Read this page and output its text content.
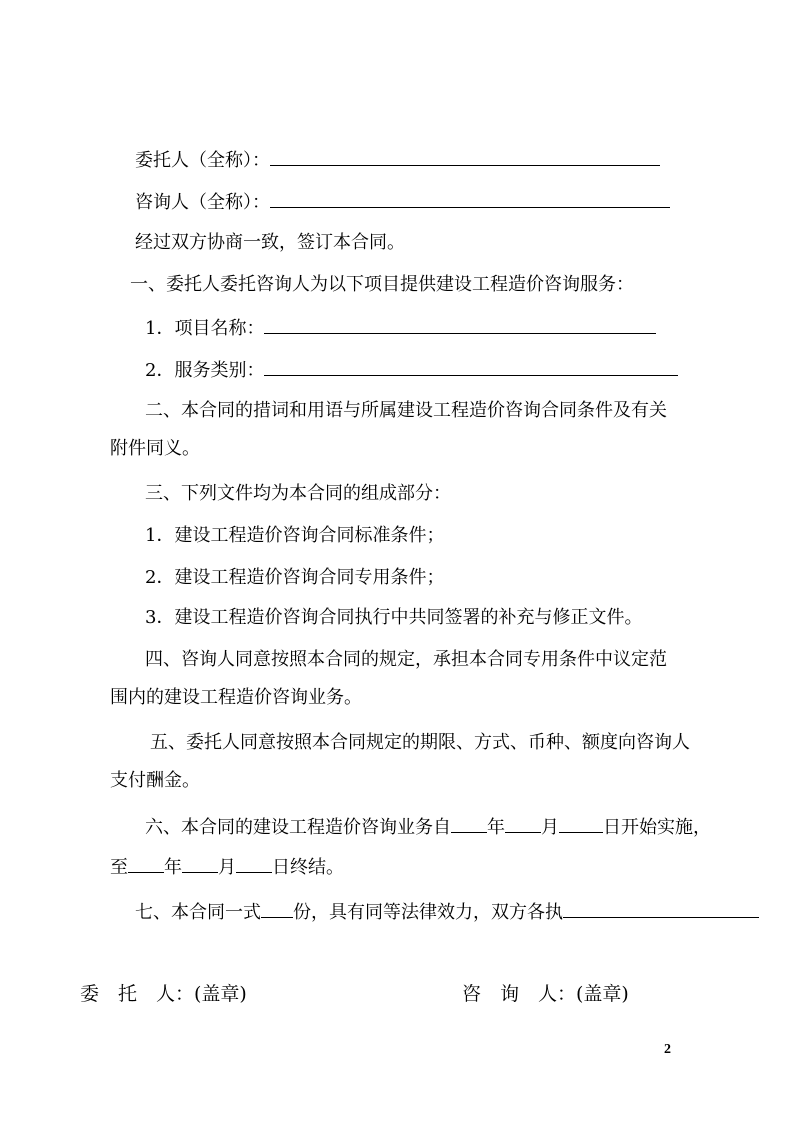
委托人（全称）：
咨询人（全称）：
经过双方协商一致，签订本合同。
一、委托人委托咨询人为以下项目提供建设工程造价咨询服务：
1．项目名称：
2．服务类别：
二、本合同的措词和用语与所属建设工程造价咨询合同条件及有关
附件同义。
三、下列文件均为本合同的组成部分：
1．建设工程造价咨询合同标准条件；
2．建设工程造价咨询合同专用条件；
3．建设工程造价咨询合同执行中共同签署的补充与修正文件。
四、咨询人同意按照本合同的规定，承担本合同专用条件中议定范
围内的建设工程造价咨询业务。
五、委托人同意按照本合同规定的期限、方式、币种、额度向咨询人
支付酬金。
六、本合同的建设工程造价咨询业务自 年 月 日开始实施，
至 年 月 日终结。
七、本合同一式 份，具有同等法律效力，双方各执
委　托　人：(盖章)	咨　询　人：(盖章)
2
